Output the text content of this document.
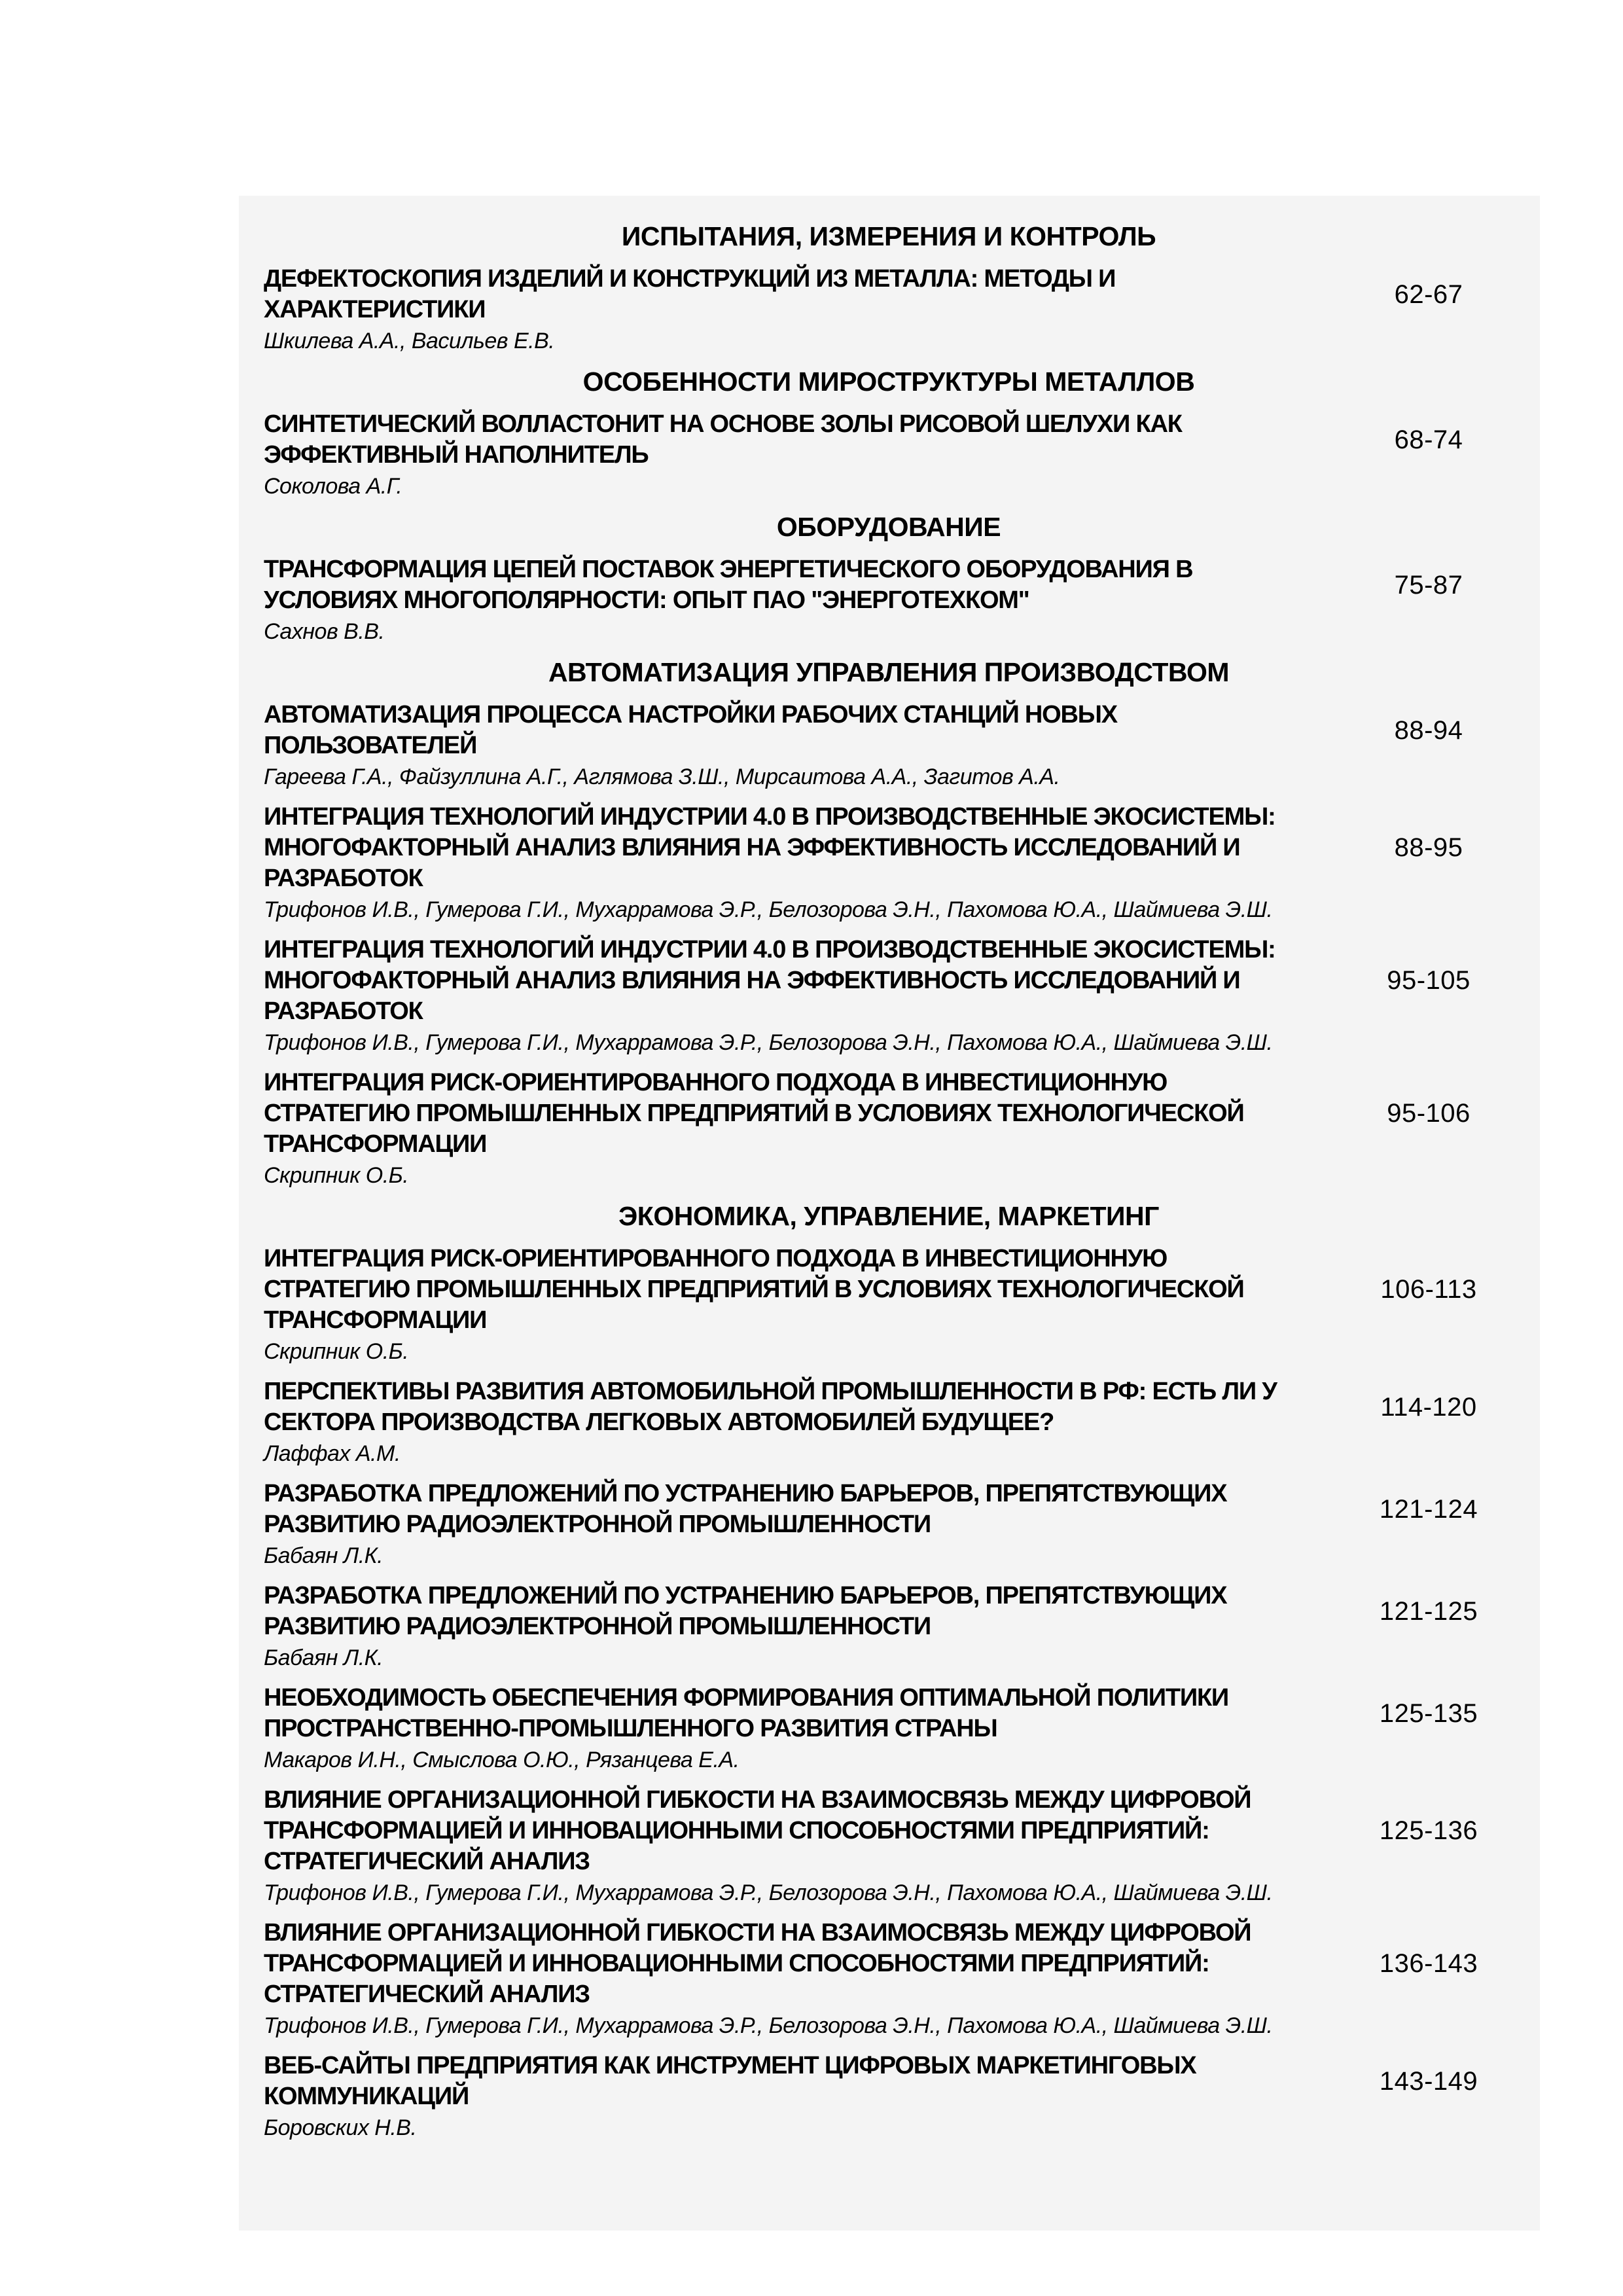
ИСПЫТАНИЯ, ИЗМЕРЕНИЯ И КОНТРОЛЬ
ДЕФЕКТОСКОПИЯ ИЗДЕЛИЙ И КОНСТРУКЦИЙ ИЗ МЕТАЛЛА: МЕТОДЫ И ХАРАКТЕРИСТИКИ
62-67
Шкилева А.А., Васильев Е.В.
ОСОБЕННОСТИ МИРОСТРУКТУРЫ МЕТАЛЛОВ
СИНТЕТИЧЕСКИЙ ВОЛЛАСТОНИТ НА ОСНОВЕ ЗОЛЫ РИСОВОЙ ШЕЛУХИ КАК ЭФФЕКТИВНЫЙ НАПОЛНИТЕЛЬ
68-74
Соколова А.Г.
ОБОРУДОВАНИЕ
ТРАНСФОРМАЦИЯ ЦЕПЕЙ ПОСТАВОК ЭНЕРГЕТИЧЕСКОГО ОБОРУДОВАНИЯ В УСЛОВИЯХ МНОГОПОЛЯРНОСТИ: ОПЫТ ПАО "ЭНЕРГОТЕХКОМ"
75-87
Сахнов В.В.
АВТОМАТИЗАЦИЯ УПРАВЛЕНИЯ ПРОИЗВОДСТВОМ
АВТОМАТИЗАЦИЯ ПРОЦЕССА НАСТРОЙКИ РАБОЧИХ СТАНЦИЙ НОВЫХ ПОЛЬЗОВАТЕЛЕЙ
88-94
Гареева Г.А., Файзуллина А.Г., Аглямова З.Ш., Мирсаитова А.А., Загитов А.А.
ИНТЕГРАЦИЯ ТЕХНОЛОГИЙ ИНДУСТРИИ 4.0 В ПРОИЗВОДСТВЕННЫЕ ЭКОСИСТЕМЫ: МНОГОФАКТОРНЫЙ АНАЛИЗ ВЛИЯНИЯ НА ЭФФЕКТИВНОСТЬ ИССЛЕДОВАНИЙ И РАЗРАБОТОК
88-95
Трифонов И.В., Гумерова Г.И., Мухаррамова Э.Р., Белозорова Э.Н., Пахомова Ю.А., Шаймиева Э.Ш.
ИНТЕГРАЦИЯ ТЕХНОЛОГИЙ ИНДУСТРИИ 4.0 В ПРОИЗВОДСТВЕННЫЕ ЭКОСИСТЕМЫ: МНОГОФАКТОРНЫЙ АНАЛИЗ ВЛИЯНИЯ НА ЭФФЕКТИВНОСТЬ ИССЛЕДОВАНИЙ И РАЗРАБОТОК
95-105
Трифонов И.В., Гумерова Г.И., Мухаррамова Э.Р., Белозорова Э.Н., Пахомова Ю.А., Шаймиева Э.Ш.
ИНТЕГРАЦИЯ РИСК-ОРИЕНТИРОВАННОГО ПОДХОДА В ИНВЕСТИЦИОННУЮ СТРАТЕГИЮ ПРОМЫШЛЕННЫХ ПРЕДПРИЯТИЙ В УСЛОВИЯХ ТЕХНОЛОГИЧЕСКОЙ ТРАНСФОРМАЦИИ
95-106
Скрипник О.Б.
ЭКОНОМИКА, УПРАВЛЕНИЕ, МАРКЕТИНГ
ИНТЕГРАЦИЯ РИСК-ОРИЕНТИРОВАННОГО ПОДХОДА В ИНВЕСТИЦИОННУЮ СТРАТЕГИЮ ПРОМЫШЛЕННЫХ ПРЕДПРИЯТИЙ В УСЛОВИЯХ ТЕХНОЛОГИЧЕСКОЙ ТРАНСФОРМАЦИИ
106-113
Скрипник О.Б.
ПЕРСПЕКТИВЫ РАЗВИТИЯ АВТОМОБИЛЬНОЙ ПРОМЫШЛЕННОСТИ В РФ: ЕСТЬ ЛИ У СЕКТОРА ПРОИЗВОДСТВА ЛЕГКОВЫХ АВТОМОБИЛЕЙ БУДУЩЕЕ?
114-120
Лаффах А.М.
РАЗРАБОТКА ПРЕДЛОЖЕНИЙ ПО УСТРАНЕНИЮ БАРЬЕРОВ, ПРЕПЯТСТВУЮЩИХ РАЗВИТИЮ РАДИОЭЛЕКТРОННОЙ ПРОМЫШЛЕННОСТИ
121-124
Бабаян Л.К.
РАЗРАБОТКА ПРЕДЛОЖЕНИЙ ПО УСТРАНЕНИЮ БАРЬЕРОВ, ПРЕПЯТСТВУЮЩИХ РАЗВИТИЮ РАДИОЭЛЕКТРОННОЙ ПРОМЫШЛЕННОСТИ
121-125
Бабаян Л.К.
НЕОБХОДИМОСТЬ ОБЕСПЕЧЕНИЯ ФОРМИРОВАНИЯ ОПТИМАЛЬНОЙ ПОЛИТИКИ ПРОСТРАНСТВЕННО-ПРОМЫШЛЕННОГО РАЗВИТИЯ СТРАНЫ
125-135
Макаров И.Н., Смыслова О.Ю., Рязанцева Е.А.
ВЛИЯНИЕ ОРГАНИЗАЦИОННОЙ ГИБКОСТИ НА ВЗАИМОСВЯЗЬ МЕЖДУ ЦИФРОВОЙ ТРАНСФОРМАЦИЕЙ И ИННОВАЦИОННЫМИ СПОСОБНОСТЯМИ ПРЕДПРИЯТИЙ: СТРАТЕГИЧЕСКИЙ АНАЛИЗ
125-136
Трифонов И.В., Гумерова Г.И., Мухаррамова Э.Р., Белозорова Э.Н., Пахомова Ю.А., Шаймиева Э.Ш.
ВЛИЯНИЕ ОРГАНИЗАЦИОННОЙ ГИБКОСТИ НА ВЗАИМОСВЯЗЬ МЕЖДУ ЦИФРОВОЙ ТРАНСФОРМАЦИЕЙ И ИННОВАЦИОННЫМИ СПОСОБНОСТЯМИ ПРЕДПРИЯТИЙ: СТРАТЕГИЧЕСКИЙ АНАЛИЗ
136-143
Трифонов И.В., Гумерова Г.И., Мухаррамова Э.Р., Белозорова Э.Н., Пахомова Ю.А., Шаймиева Э.Ш.
ВЕБ-САЙТЫ ПРЕДПРИЯТИЯ КАК ИНСТРУМЕНТ ЦИФРОВЫХ МАРКЕТИНГОВЫХ КОММУНИКАЦИЙ
143-149
Боровских Н.В.
